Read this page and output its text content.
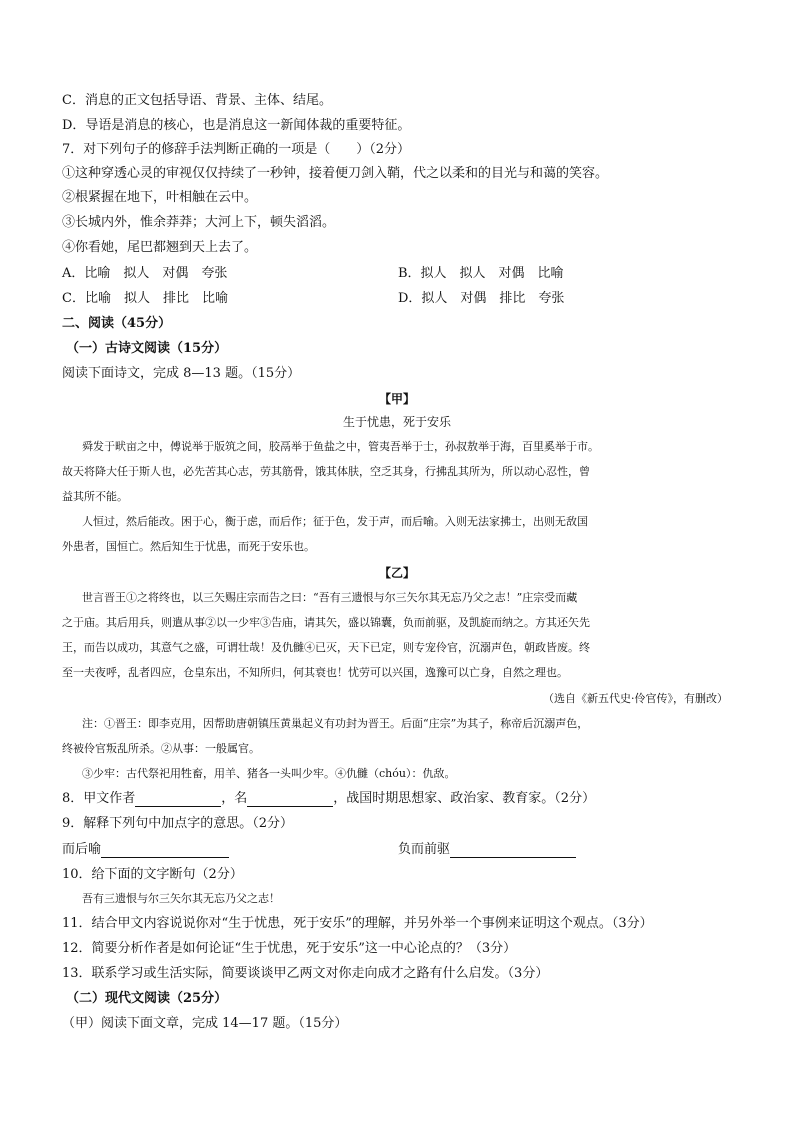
C．消息的正文包括导语、背景、主体、结尾。
D．导语是消息的核心，也是消息这一新闻体裁的重要特征。
7．对下列句子的修辞手法判断正确的一项是（　　）（2分）
①这种穿透心灵的审视仅仅持续了一秒钟，接着便刀剑入鞘，代之以柔和的目光与和蔼的笑容。
②根紧握在地下，叶相触在云中。
③长城内外，惟余莽莽；大河上下，顿失滔滔。
④你看她，尾巴都翘到天上去了。
A．比喻　拟人　对偶　夸张	B．拟人　拟人　对偶　比喻
C．比喻　拟人　排比　比喻	D．拟人　对偶　排比　夸张
二、阅读（45分）
（一）古诗文阅读（15分）
阅读下面诗文，完成 8—13 题。（15分）
【甲】
生于忧患，死于安乐
舜发于畎亩之中，傅说举于版筑之间，胶鬲举于鱼盐之中，管夷吾举于士，孙叔敖举于海，百里奚举于市。
故天将降大任于斯人也，必先苦其心志，劳其筋骨，饿其体肤，空乏其身，行拂乱其所为，所以动心忍性，曾
益其所不能。
人恒过，然后能改。困于心，衡于虑，而后作；征于色，发于声，而后喻。入则无法家拂士，出则无敌国
外患者，国恒亡。然后知生于忧患，而死于安乐也。
【乙】
世言晋王①之将终也，以三矢赐庄宗而告之曰：“吾有三遗恨与尔三矢尔其无忘乃父之志！”庄宗受而藏
之于庙。其后用兵，则遣从事②以一少牢③告庙，请其矢，盛以锦囊，负而前驱，及凯旋而纳之。方其还矢先
王，而告以成功，其意气之盛，可谓壮哉！及仇雠④已灭，天下已定，则专宠伶官，沉溺声色，朝政皆废。终
至一夫夜呼，乱者四应，仓皇东出，不知所归，何其衰也！忧劳可以兴国，逸豫可以亡身，自然之理也。
（选自《新五代史·伶官传》，有删改）
注：①晋王：即李克用，因帮助唐朝镇压黄巢起义有功封为晋王。后面“庄宗”为其子，称帝后沉溺声色，
终被伶官叛乱所杀。②从事：一般属官。
③少牢：古代祭祀用牲畜，用羊、猪各一头叫少牢。④仇雠（chóu）：仇敌。
8．甲文作者	，名	，战国时期思想家、政治家、教育家。（2分）
9．解释下列句中加点字的意思。（2分）
而后喻	负而前驱
10．给下面的文字断句（2分）
吾有三遗恨与尔三矢尔其无忘乃父之志！
11．结合甲文内容说说你对“生于忧患，死于安乐”的理解，并另外举一个事例来证明这个观点。（3分）
12．简要分析作者是如何论证“生于忧患，死于安乐”这一中心论点的？（3分）
13．联系学习或生活实际，简要谈谈甲乙两文对你走向成才之路有什么启发。（3分）
（二）现代文阅读（25分）
（甲）阅读下面文章，完成 14—17 题。（15分）
